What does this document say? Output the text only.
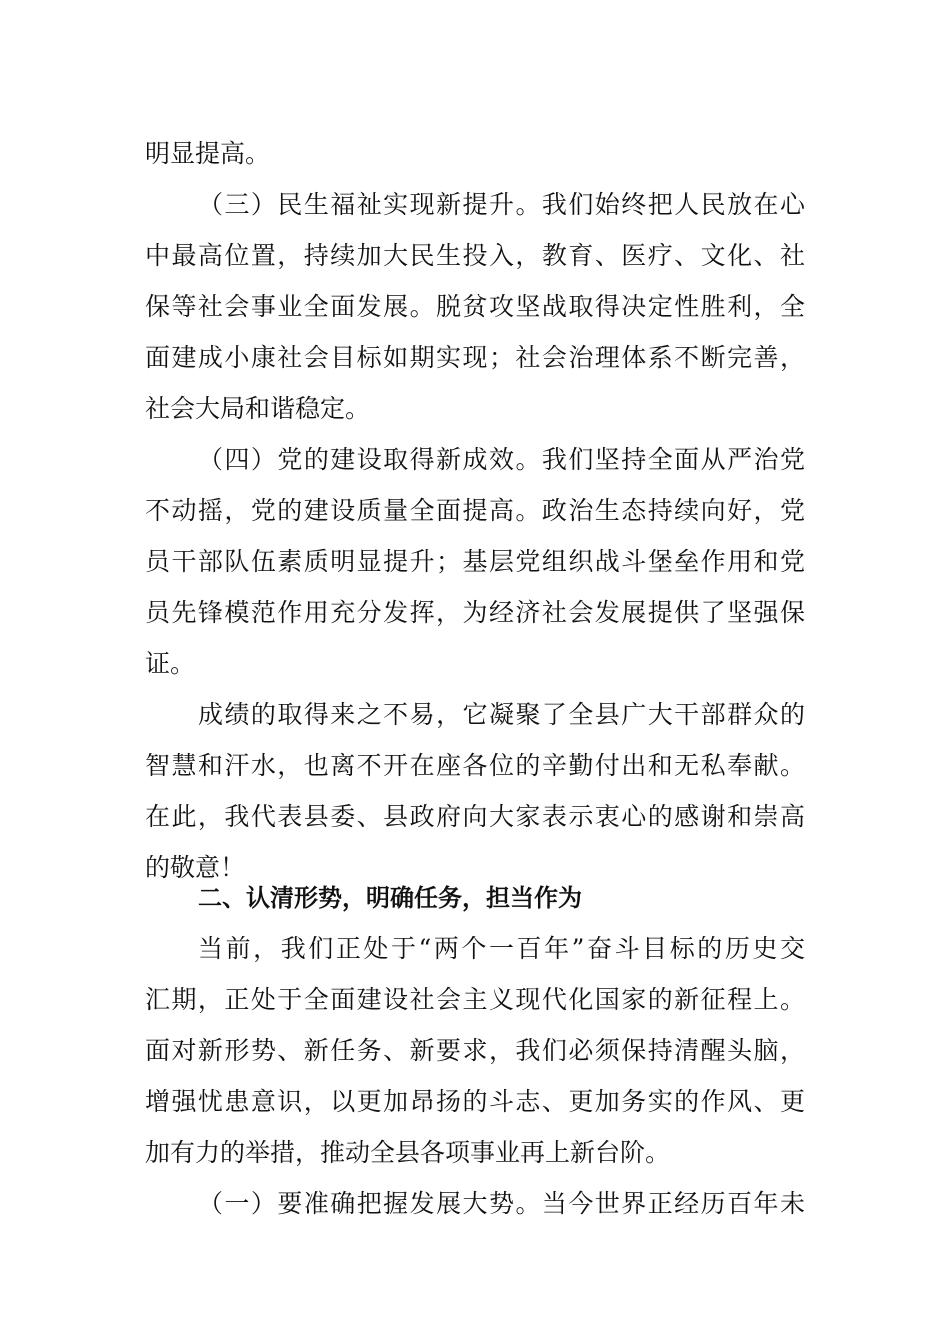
明显提高。
（三）民生福祉实现新提升。我们始终把人民放在心
中最高位置，持续加大民生投入，教育、医疗、文化、社
保等社会事业全面发展。脱贫攻坚战取得决定性胜利，全
面建成小康社会目标如期实现；社会治理体系不断完善，
社会大局和谐稳定。
（四）党的建设取得新成效。我们坚持全面从严治党
不动摇，党的建设质量全面提高。政治生态持续向好，党
员干部队伍素质明显提升；基层党组织战斗堡垒作用和党
员先锋模范作用充分发挥，为经济社会发展提供了坚强保
证。
成绩的取得来之不易，它凝聚了全县广大干部群众的
智慧和汗水，也离不开在座各位的辛勤付出和无私奉献。
在此，我代表县委、县政府向大家表示衷心的感谢和崇高
的敬意！
二、认清形势，明确任务，担当作为
当前，我们正处于“两个一百年”奋斗目标的历史交
汇期，正处于全面建设社会主义现代化国家的新征程上。
面对新形势、新任务、新要求，我们必须保持清醒头脑，
增强忧患意识，以更加昂扬的斗志、更加务实的作风、更
加有力的举措，推动全县各项事业再上新台阶。
（一）要准确把握发展大势。当今世界正经历百年未
